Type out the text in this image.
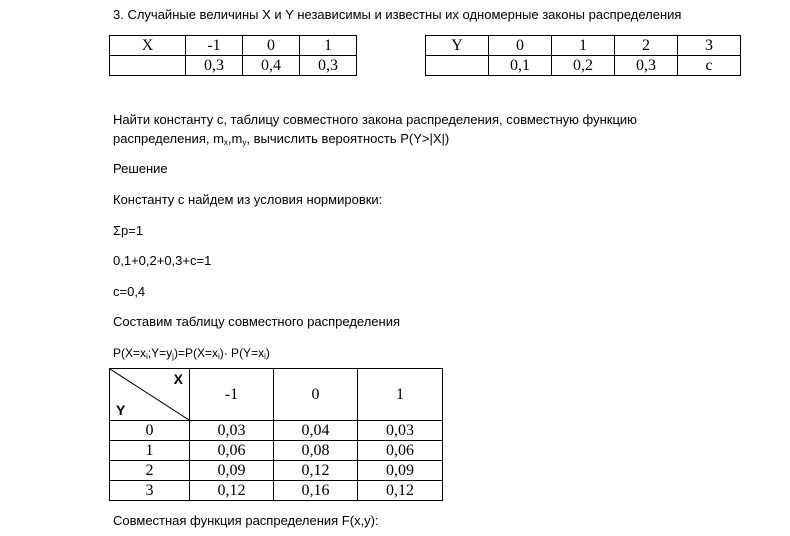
3. Случайные величины X и Y независимы и известны их одномерные законы распределения
X	-1	0	1
	0,3	0,4	0,3
Y	0	1	2	3
	0,1	0,2	0,3	c
Найти константу c, таблицу совместного закона распределения, совместную функцию
распределения, $m_x,m_y$, вычислить вероятность P(Y>|X|)
Решение
Константу с найдем из условия нормировки:
Σp=1
0,1+0,2+0,3+c=1
c=0,4
Составим таблицу совместного распределения
$P(X=x_i;Y=y_j)=P(X=x_i)\cdot P(Y=x_i)$
X
Y	-1	0	1
0	0,03	0,04	0,03
1	0,06	0,08	0,06
2	0,09	0,12	0,09
3	0,12	0,16	0,12
Совместная функция распределения F(x,y):
